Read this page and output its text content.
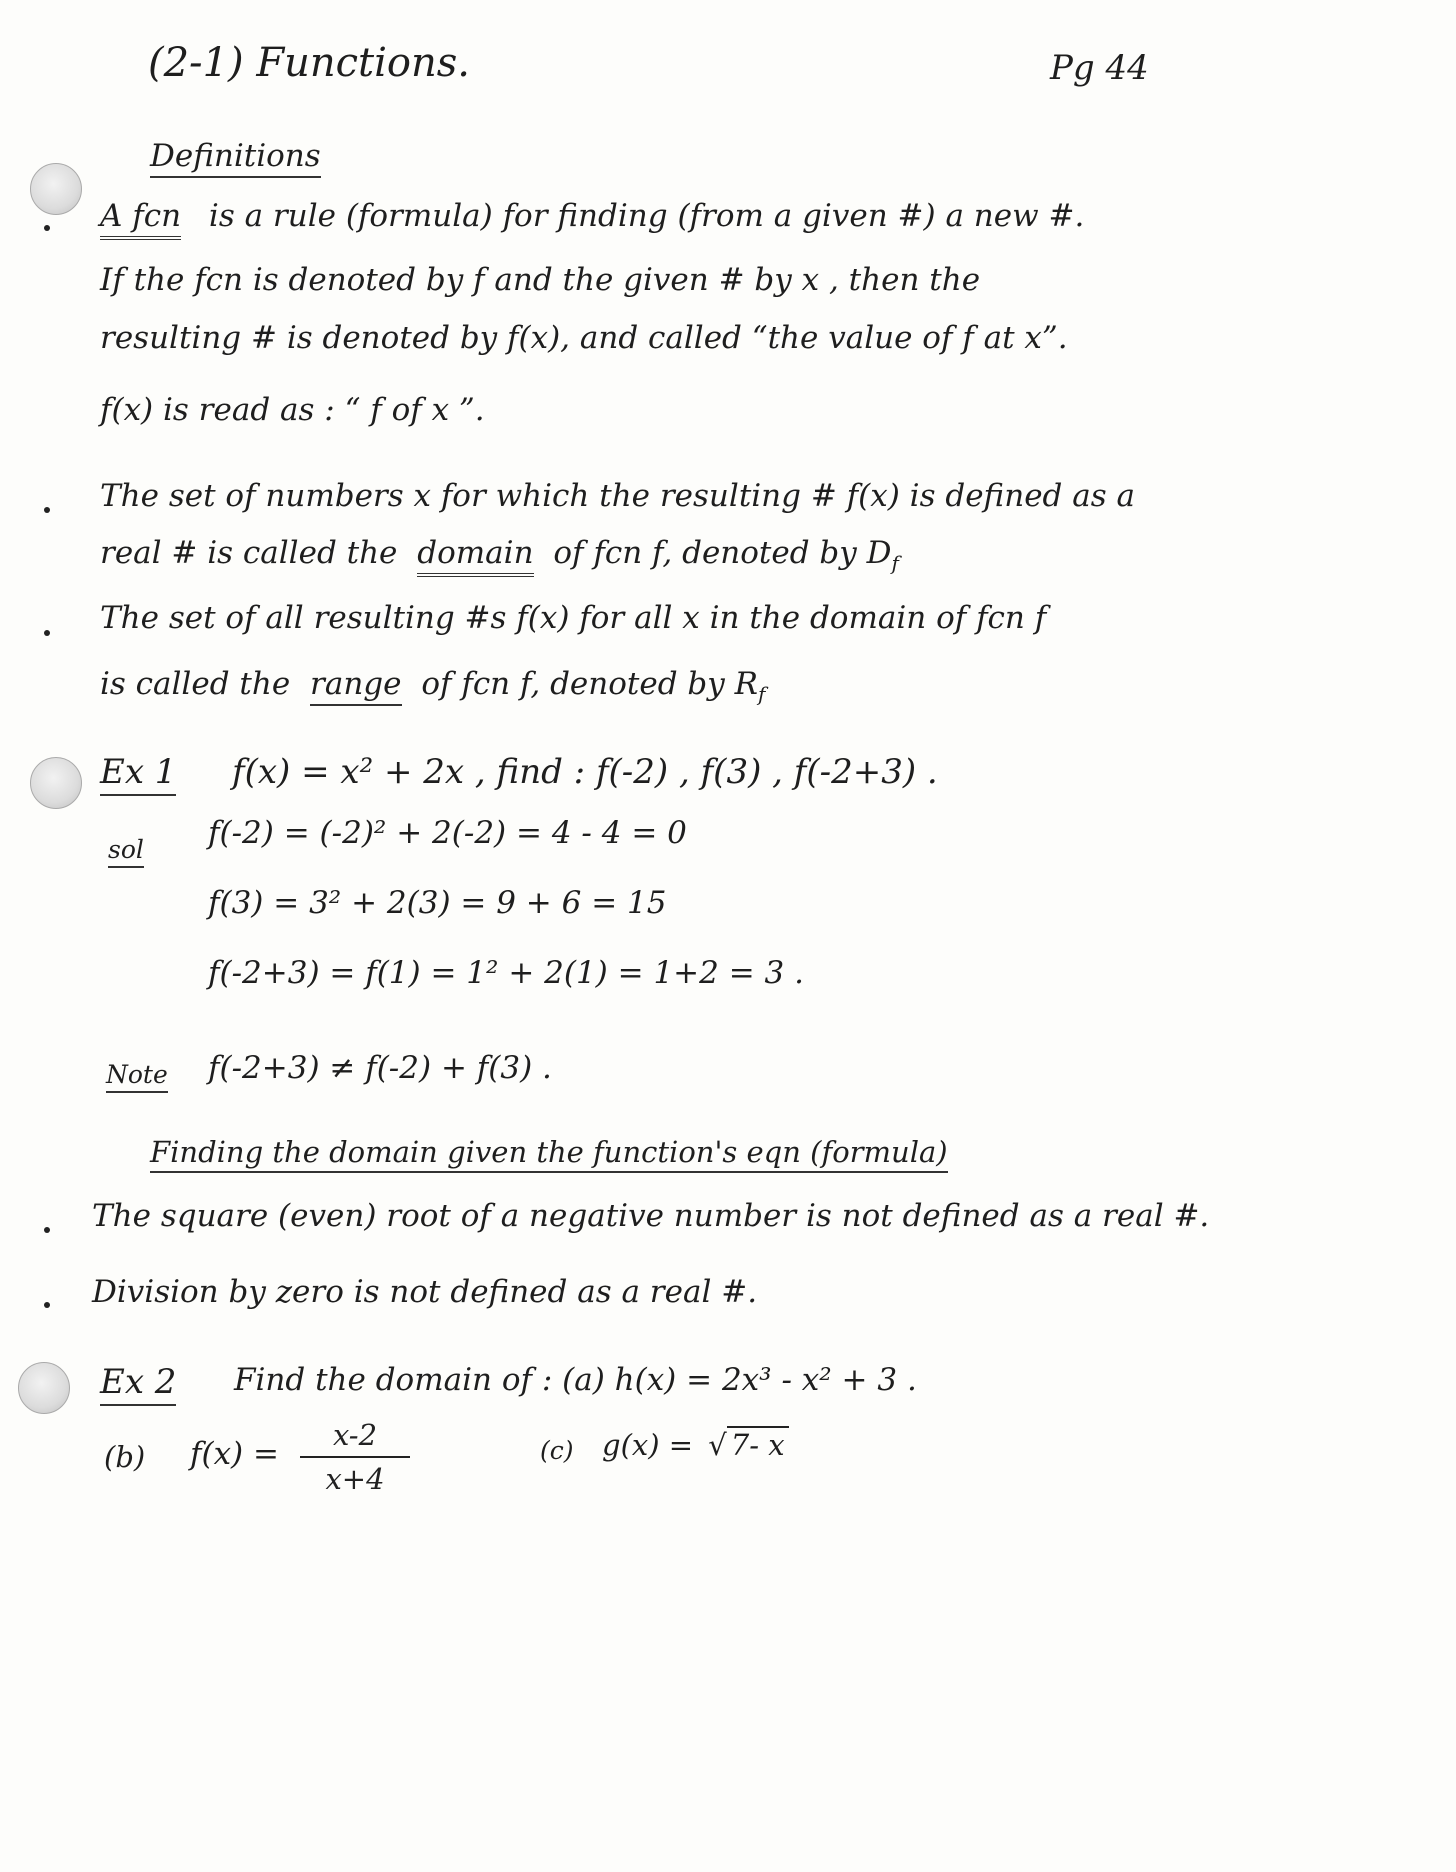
(2-1) Functions.	Pg 44
Definitions
A fcn is a rule (formula) for finding (from a given #) a new #.
If the fcn is denoted by f and the given # by x , then the
resulting # is denoted by f(x), and called “the value of f at x”.
f(x) is read as : “ f of x ”.
The set of numbers x for which the resulting # f(x) is defined as a
real # is called the domain of fcn f, denoted by $D_f$
The set of all resulting #s f(x) for all x in the domain of fcn f
is called the range of fcn f, denoted by $R_f$
Ex 1 f(x) = x² + 2x , find : f(-2) , f(3) , f(-2+3) .
sol f(-2) = (-2)² + 2(-2) = 4 - 4 = 0
f(3) = 3² + 2(3) = 9 + 6 = 15
f(-2+3) = f(1) = 1² + 2(1) = 1+2 = 3 .
Note f(-2+3) ≠ f(-2) + f(3) .
Finding the domain given the function's eqn (formula)
The square (even) root of a negative number is not defined as a real #.
Division by zero is not defined as a real #.
Ex 2 Find the domain of : (a) h(x) = 2x³ - x² + 3 .
(b) f(x) =
x-2
x+4
(c) g(x) = √ 7- x
